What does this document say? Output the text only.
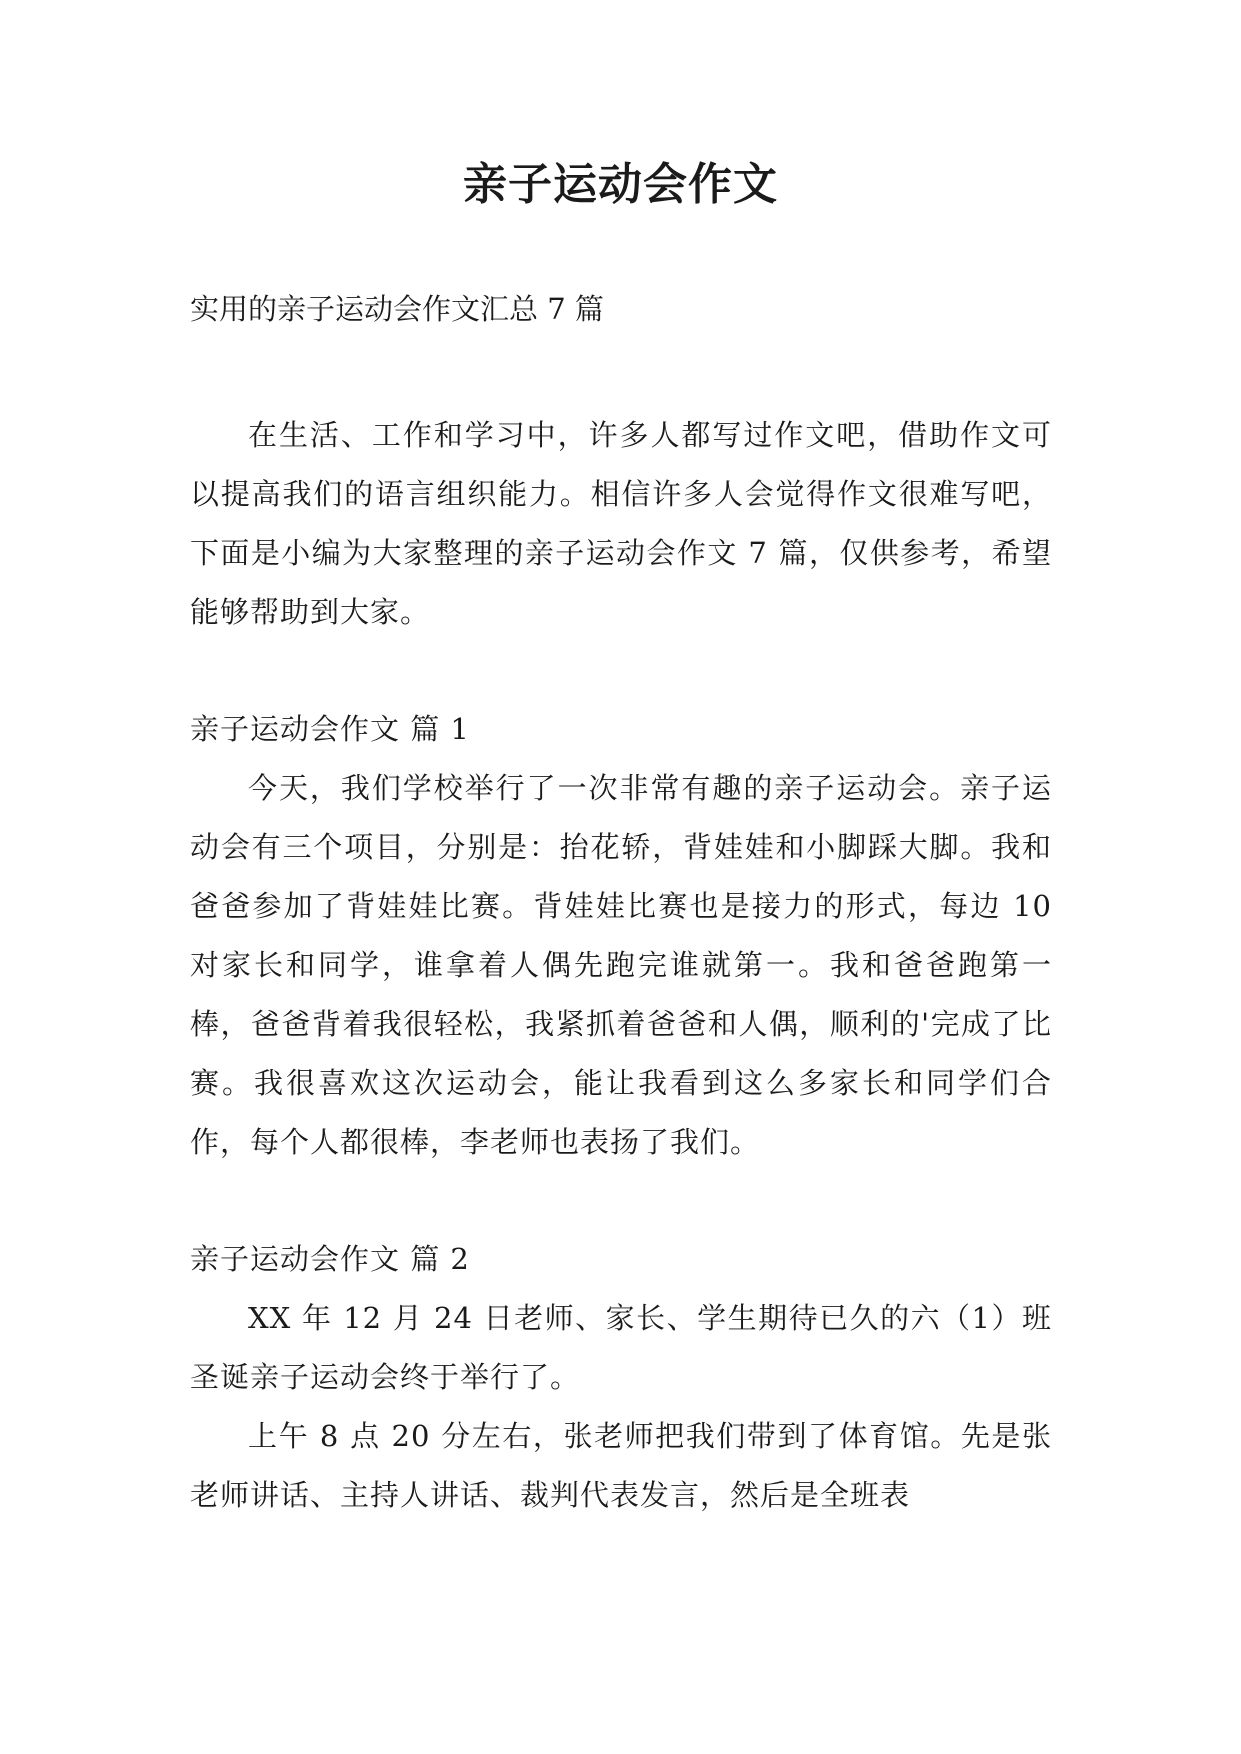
亲子运动会作文

实用的亲子运动会作文汇总 7 篇

在生活、工作和学习中，许多人都写过作文吧，借助作文可以提高我们的语言组织能力。相信许多人会觉得作文很难写吧，下面是小编为大家整理的亲子运动会作文 7 篇，仅供参考，希望能够帮助到大家。

亲子运动会作文 篇 1

今天，我们学校举行了一次非常有趣的亲子运动会。亲子运动会有三个项目，分别是：抬花轿，背娃娃和小脚踩大脚。我和爸爸参加了背娃娃比赛。背娃娃比赛也是接力的形式，每边 10 对家长和同学，谁拿着人偶先跑完谁就第一。我和爸爸跑第一棒，爸爸背着我很轻松，我紧抓着爸爸和人偶，顺利的'完成了比赛。我很喜欢这次运动会，能让我看到这么多家长和同学们合作，每个人都很棒，李老师也表扬了我们。

亲子运动会作文 篇 2

XX 年 12 月 24 日老师、家长、学生期待已久的六（1）班圣诞亲子运动会终于举行了。

上午 8 点 20 分左右，张老师把我们带到了体育馆。先是张老师讲话、主持人讲话、裁判代表发言，然后是全班表
